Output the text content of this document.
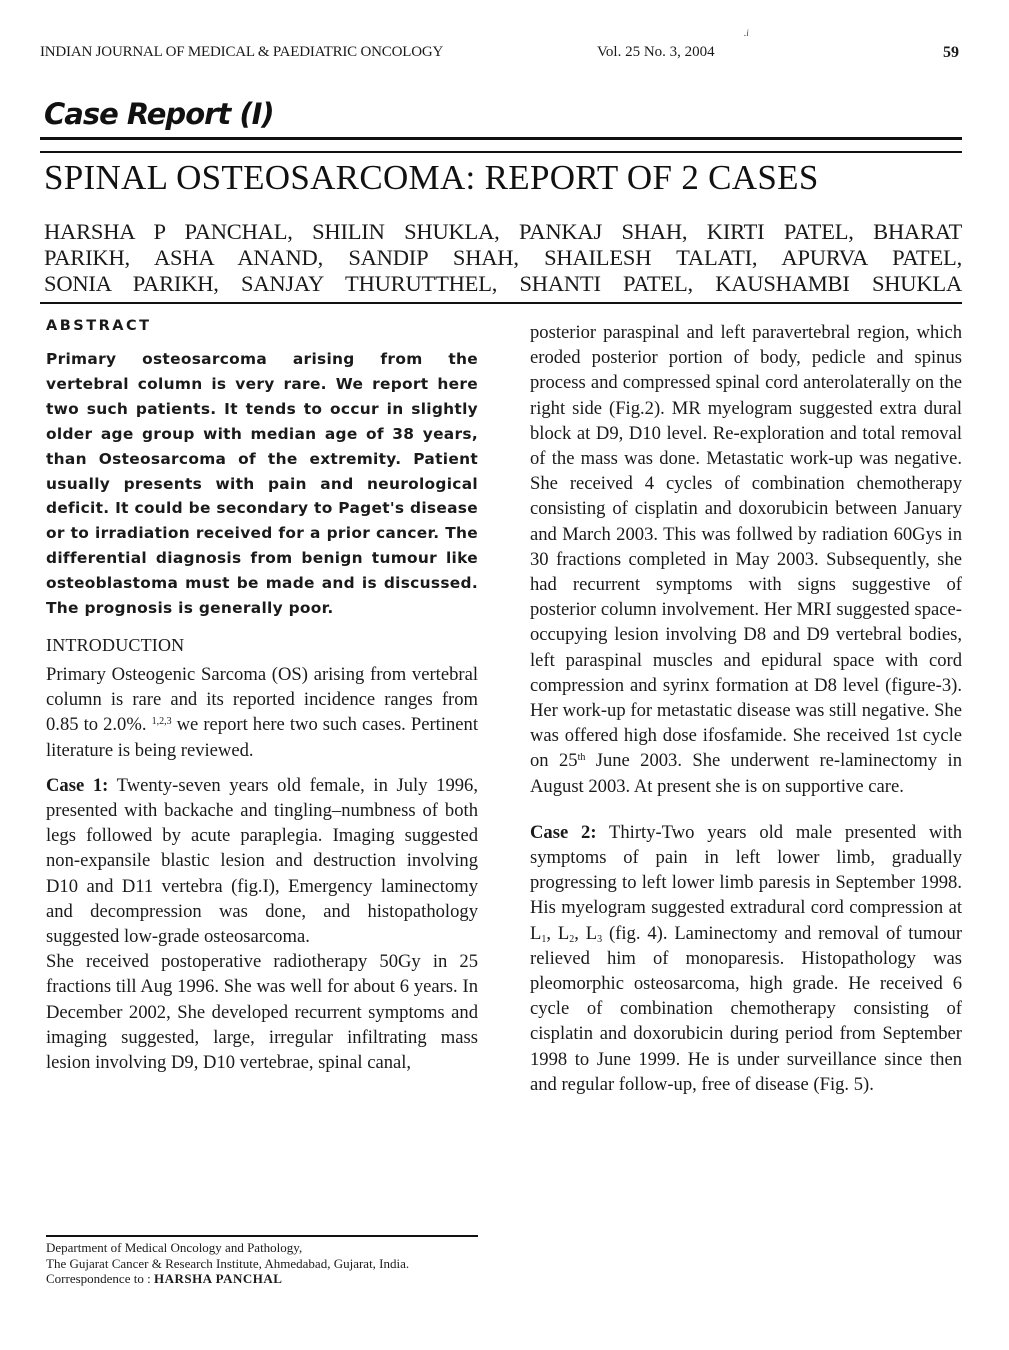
INDIAN JOURNAL OF MEDICAL & PAEDIATRIC ONCOLOGY	Vol. 25 No. 3, 2004	59
.i
Case Report (I)
SPINAL OSTEOSARCOMA: REPORT OF 2 CASES
HARSHA P PANCHAL, SHILIN SHUKLA, PANKAJ SHAH, KIRTI PATEL, BHARAT
PARIKH, ASHA ANAND, SANDIP SHAH, SHAILESH TALATI, APURVA PATEL,
SONIA PARIKH, SANJAY THURUTTHEL, SHANTI PATEL, KAUSHAMBI SHUKLA
ABSTRACT
Primary osteosarcoma arising from the vertebral column is very rare. We report here two such patients. It tends to occur in slightly older age group with median age of 38 years, than Osteosarcoma of the extremity. Patient usually presents with pain and neurological deficit. It could be secondary to Paget's disease or to irradiation received for a prior cancer. The differential diagnosis from benign tumour like osteoblastoma must be made and is discussed. The prognosis is generally poor.
INTRODUCTION
Primary Osteogenic Sarcoma (OS) arising from vertebral column is rare and its reported incidence ranges from 0.85 to 2.0%. $^{1,2,3}$ we report here two such cases. Pertinent literature is being reviewed.
Case 1: Twenty-seven years old female, in July 1996, presented with backache and tingling–numbness of both legs followed by acute paraplegia. Imaging suggested non-expansile blastic lesion and destruction involving D10 and D11 vertebra (fig.I), Emergency laminectomy and decompression was done, and histopathology suggested low-grade osteosarcoma.
She received postoperative radiotherapy 50Gy in 25 fractions till Aug 1996. She was well for about 6 years. In December 2002, She developed recurrent symptoms and imaging suggested, large, irregular infiltrating mass lesion involving D9, D10 vertebrae, spinal canal,
posterior paraspinal and left paravertebral region, which eroded posterior portion of body, pedicle and spinus process and compressed spinal cord anterolaterally on the right side (Fig.2). MR myelogram suggested extra dural block at D9, D10 level. Re-exploration and total removal of the mass was done. Metastatic work-up was negative. She received 4 cycles of combination chemotherapy consisting of cisplatin and doxorubicin between January and March 2003. This was follwed by radiation 60Gys in 30 fractions completed in May 2003. Subsequently, she had recurrent symptoms with signs suggestive of posterior column involvement. Her MRI suggested space-occupying lesion involving D8 and D9 vertebral bodies, left paraspinal muscles and epidural space with cord compression and syrinx formation at D8 level (figure-3). Her work-up for metastatic disease was still negative. She was offered high dose ifosfamide. She received 1st cycle on 25th June 2003. She underwent re-laminectomy in August 2003. At present she is on supportive care.
Case 2: Thirty-Two years old male presented with symptoms of pain in left lower limb, gradually progressing to left lower limb paresis in September 1998. His myelogram suggested extradural cord compression at $L_1$, $L_2$, $L_3$ (fig. 4). Laminectomy and removal of tumour relieved him of monoparesis. Histopathology was pleomorphic osteosarcoma, high grade. He received 6 cycle of combination chemotherapy consisting of cisplatin and doxorubicin during period from September 1998 to June 1999. He is under surveillance since then and regular follow-up, free of disease (Fig. 5).
Department of Medical Oncology and Pathology,
The Gujarat Cancer & Research Institute, Ahmedabad, Gujarat, India.
Correspondence to : HARSHA PANCHAL
